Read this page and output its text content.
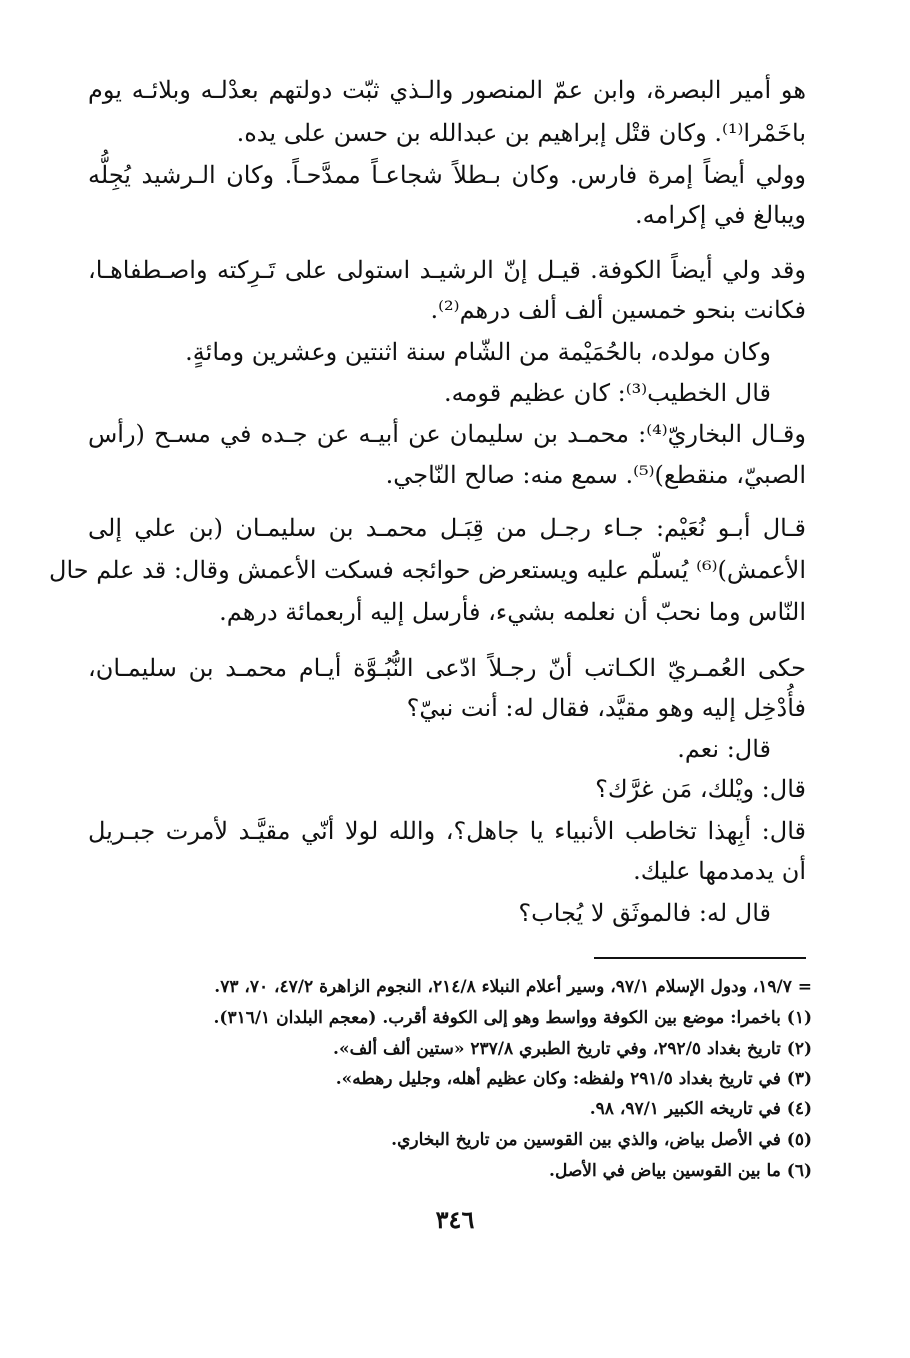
هو أمير البصرة، وابن عمّ المنصور والـذي ثبّت دولتهم بعدْلـه وبلائـه يوم
باخَمْرا⁽¹⁾. وكان قتْل إبراهيم بن عبدالله بن حسن على يده.
وولي أيضاً إمرة فارس. وكان بـطلاً شجاعـاً ممدَّحـاً. وكان الـرشيد يُجِلُّه
ويبالغ في إكرامه.
وقد ولي أيضاً الكوفة. قيـل إنّ الرشيـد استولى على تَـرِكته واصـطفاهـا،
فكانت بنحو خمسين ألف ألف درهم⁽²⁾.
وكان مولده، بالحُمَيْمة من الشّام سنة اثنتين وعشرين ومائةٍ.
قال الخطيب⁽³⁾: كان عظيم قومه.
وقـال البخاريّ⁽⁴⁾: محمـد بن سليمان عن أبيـه عن جـده في مسـح (رأس
الصبيّ، منقطع)⁽⁵⁾. سمع منه: صالح النّاجي.
قـال أبـو نُعَيْم: جـاء رجـل من قِبَـل محمـد بن سليمـان (بن علي إلى
الأعمش)⁽⁶⁾ يُسلّم عليه ويستعرض حوائجه فسكت الأعمش وقال: قد علم حال
النّاس وما نحبّ أن نعلمه بشيء، فأرسل إليه أربعمائة درهم.
حكى العُمـريّ الكـاتب أنّ رجـلاً ادّعى النُّبُـوَّة أيـام محمـد بن سليمـان،
فأُدْخِل إليه وهو مقيَّد، فقال له: أنت نبيّ؟
قال: نعم.
قال: ويْلك، مَن غرَّك؟
قال: أبِهذا تخاطب الأنبياء يا جاهل؟، والله لولا أنّي مقيَّـد لأمرت جبـريل
أن يدمدمها عليك.
قال له: فالموثَق لا يُجاب؟
= ١٩/٧، ودول الإسلام ٩٧/١، وسير أعلام النبلاء ٢١٤/٨، النجوم الزاهرة ٤٧/٢، ٧٠، ٧٣.
(١) باخمرا: موضع بين الكوفة وواسط وهو إلى الكوفة أقرب. (معجم البلدان ٣١٦/١).
(٢) تاريخ بغداد ٢٩٢/٥، وفي تاريخ الطبري ٢٣٧/٨ «ستين ألف ألف».
(٣) في تاريخ بغداد ٢٩١/٥ ولفظه: وكان عظيم أهله، وجليل رهطه».
(٤) في تاريخه الكبير ٩٧/١، ٩٨.
(٥) في الأصل بياض، والذي بين القوسين من تاريخ البخاري.
(٦) ما بين القوسين بياض في الأصل.
٣٤٦
